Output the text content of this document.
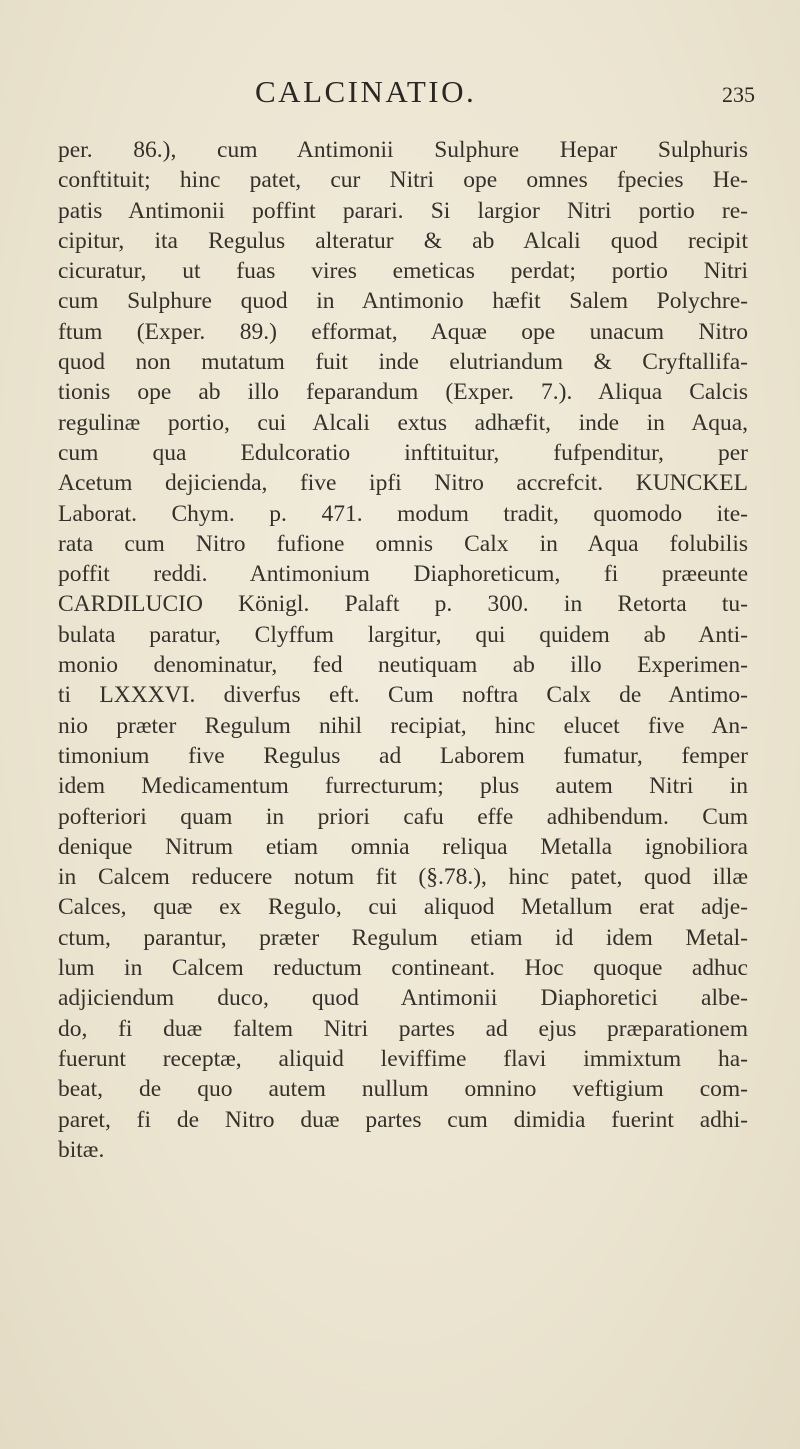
CALCINATIO.	235
per. 86.), cum Antimonii Sulphure Hepar Sulphuris
conftituit; hinc patet, cur Nitri ope omnes fpecies He-
patis Antimonii poffint parari. Si largior Nitri portio re-
cipitur, ita Regulus alteratur & ab Alcali quod recipit
cicuratur, ut fuas vires emeticas perdat; portio Nitri
cum Sulphure quod in Antimonio hæfit Salem Polychre-
ftum (Exper. 89.) efformat, Aquæ ope unacum Nitro
quod non mutatum fuit inde elutriandum & Cryftallifa-
tionis ope ab illo feparandum (Exper. 7.). Aliqua Calcis
regulinæ portio, cui Alcali extus adhæfit, inde in Aqua,
cum qua Edulcoratio inftituitur, fufpenditur, per
Acetum dejicienda, five ipfi Nitro accrefcit. KUNCKEL
Laborat. Chym. p. 471. modum tradit, quomodo ite-
rata cum Nitro fufione omnis Calx in Aqua folubilis
poffit reddi. Antimonium Diaphoreticum, fi præeunte
CARDILUCIO Königl. Palaft p. 300. in Retorta tu-
bulata paratur, Clyffum largitur, qui quidem ab Anti-
monio denominatur, fed neutiquam ab illo Experimen-
ti LXXXVI. diverfus eft. Cum noftra Calx de Antimo-
nio præter Regulum nihil recipiat, hinc elucet five An-
timonium five Regulus ad Laborem fumatur, femper
idem Medicamentum furrecturum; plus autem Nitri in
pofteriori quam in priori cafu effe adhibendum. Cum
denique Nitrum etiam omnia reliqua Metalla ignobiliora
in Calcem reducere notum fit (§.78.), hinc patet, quod illæ
Calces, quæ ex Regulo, cui aliquod Metallum erat adje-
ctum, parantur, præter Regulum etiam id idem Metal-
lum in Calcem reductum contineant. Hoc quoque adhuc
adjiciendum duco, quod Antimonii Diaphoretici albe-
do, fi duæ faltem Nitri partes ad ejus præparationem
fuerunt receptæ, aliquid leviffime flavi immixtum ha-
beat, de quo autem nullum omnino veftigium com-
paret, fi de Nitro duæ partes cum dimidia fuerint adhi-
bitæ.
